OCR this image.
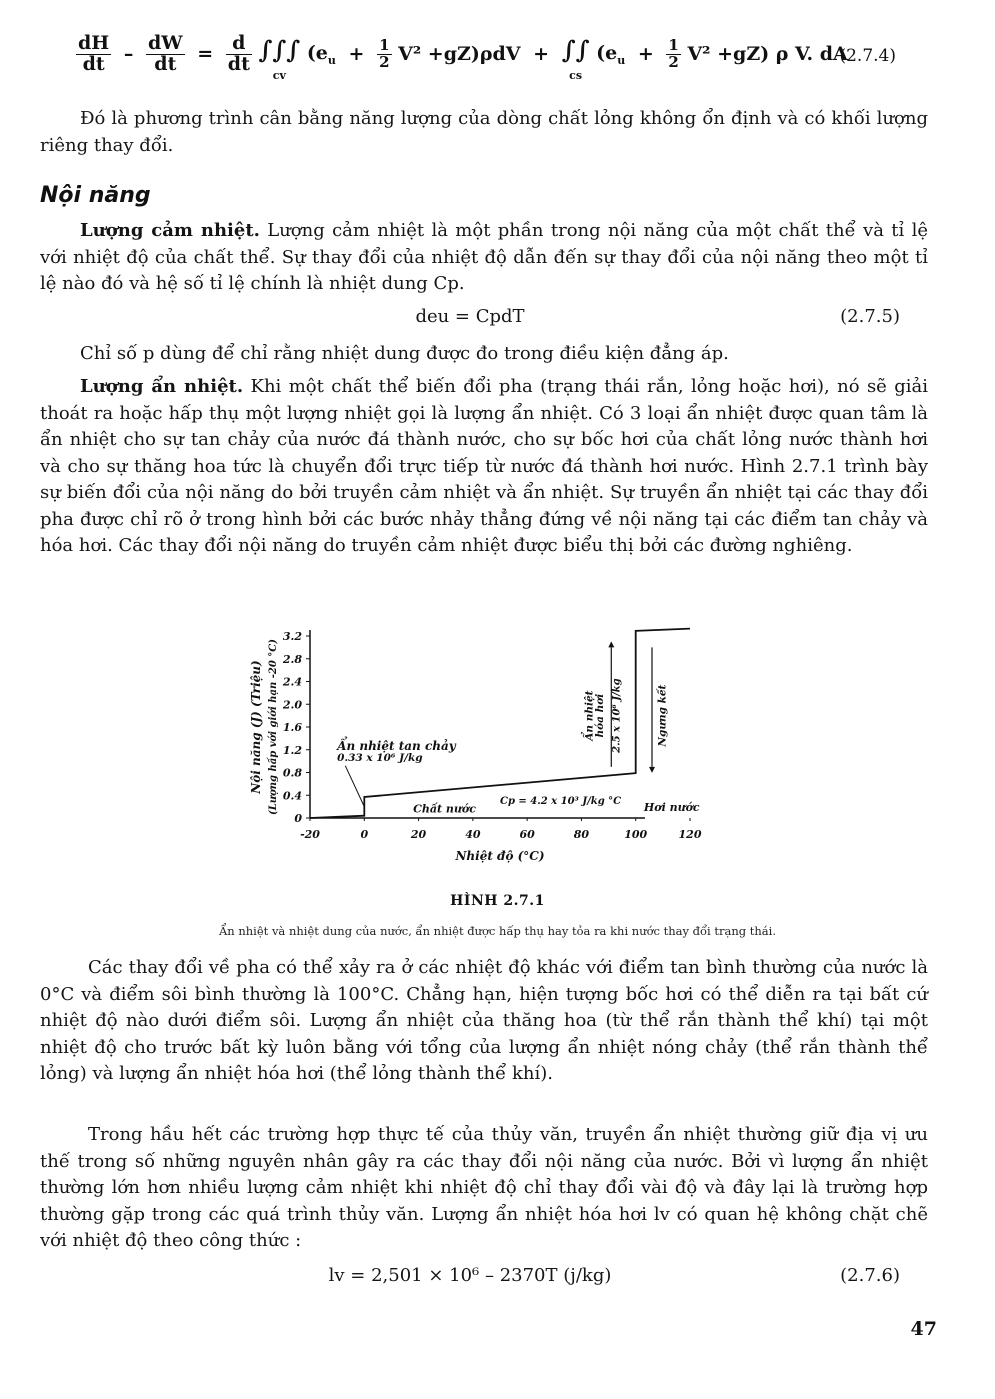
$\frac{dH}{dt} - \frac{dW}{dt} = \frac{d}{dt}$ ∫∫∫
cv
$(e_u + \frac{1}{2} V^2 +gZ)\rho dV$ + ∫∫
cs
$(e_u + \frac{1}{2} V^2 +gZ)$ ρ V. dA
(2.7.4)
Đó là phương trình cân bằng năng lượng của dòng chất lỏng không ổn định và có khối lượng riêng thay đổi.
Nội năng
Lượng cảm nhiệt. Lượng cảm nhiệt là một phần trong nội năng của một chất thể và tỉ lệ với nhiệt độ của chất thể. Sự thay đổi của nhiệt độ dẫn đến sự thay đổi của nội năng theo một tỉ lệ nào đó và hệ số tỉ lệ chính là nhiệt dung Cp.
deu = CpdT	(2.7.5)
Chỉ số p dùng để chỉ rằng nhiệt dung được đo trong điều kiện đẳng áp.
Lượng ẩn nhiệt. Khi một chất thể biến đổi pha (trạng thái rắn, lỏng hoặc hơi), nó sẽ giải thoát ra hoặc hấp thụ một lượng nhiệt gọi là lượng ẩn nhiệt. Có 3 loại ẩn nhiệt được quan tâm là ẩn nhiệt cho sự tan chảy của nước đá thành nước, cho sự bốc hơi của chất lỏng nước thành hơi và cho sự thăng hoa tức là chuyển đổi trực tiếp từ nước đá thành hơi nước. Hình 2.7.1 trình bày sự biến đổi của nội năng do bởi truyền cảm nhiệt và ẩn nhiệt. Sự truyền ẩn nhiệt tại các thay đổi pha được chỉ rõ ở trong hình bởi các bước nhảy thẳng đứng về nội năng tại các điểm tan chảy và hóa hơi. Các thay đổi nội năng do truyền cảm nhiệt được biểu thị bởi các đường nghiêng.
0
0.4
0.8
1.2
1.6
2.0
2.4
2.8
3.2
-20	0	20	40	60	80	100	120
Nội năng (J) (Triệu) (Lượng hấp với giới hạn -20 °C)
Nhiệt độ (°C)
Ẩn nhiệt tan chảy
0.33 x 10⁶ J/kg
Chất nước
Cp = 4.2 x 10³ J/kg °C Hơi nước
Ẩn nhiệt
hóa hơi 2.5 x 10⁶ J/kg	Ngưng kết
HÌNH 2.7.1
Ẩn nhiệt và nhiệt dung của nước, ẩn nhiệt được hấp thụ hay tỏa ra khi nước thay đổi trạng thái.
Các thay đổi về pha có thể xảy ra ở các nhiệt độ khác với điểm tan bình thường của nước là 0°C và điểm sôi bình thường là 100°C. Chẳng hạn, hiện tượng bốc hơi có thể diễn ra tại bất cứ nhiệt độ nào dưới điểm sôi. Lượng ẩn nhiệt của thăng hoa (từ thể rắn thành thể khí) tại một nhiệt độ cho trước bất kỳ luôn bằng với tổng của lượng ẩn nhiệt nóng chảy (thể rắn thành thể lỏng) và lượng ẩn nhiệt hóa hơi (thể lỏng thành thể khí).
Trong hầu hết các trường hợp thực tế của thủy văn, truyền ẩn nhiệt thường giữ địa vị ưu thế trong số những nguyên nhân gây ra các thay đổi nội năng của nước. Bởi vì lượng ẩn nhiệt thường lớn hơn nhiều lượng cảm nhiệt khi nhiệt độ chỉ thay đổi vài độ và đây lại là trường hợp thường gặp trong các quá trình thủy văn. Lượng ẩn nhiệt hóa hơi lv có quan hệ không chặt chẽ với nhiệt độ theo công thức :
lv = 2,501 × 10⁶ – 2370T (j/kg)	(2.7.6)
47
